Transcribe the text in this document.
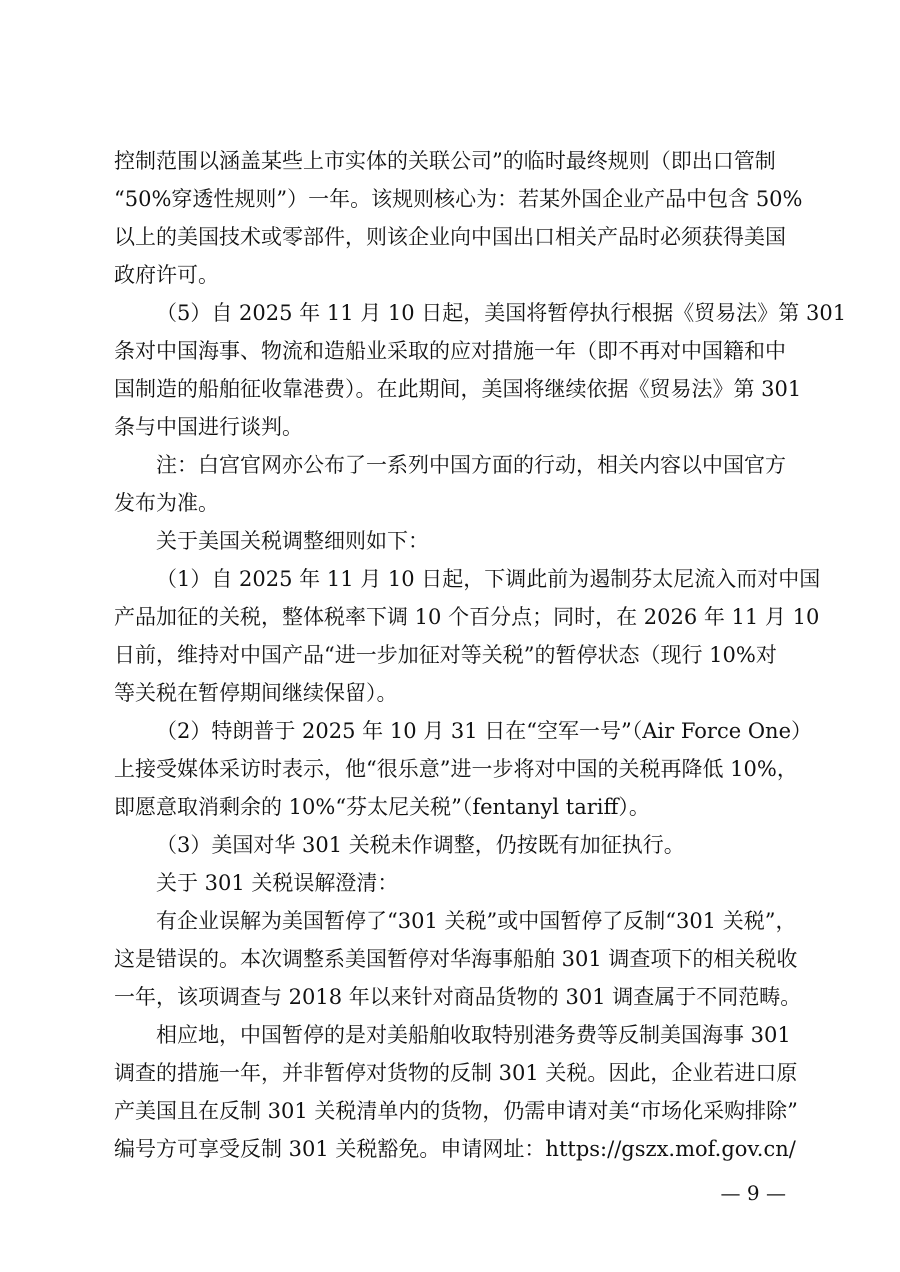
控制范围以涵盖某些上市实体的关联公司”的临时最终规则（即出口管制
“50%穿透性规则”）一年。该规则核心为：若某外国企业产品中包含 50%
以上的美国技术或零部件，则该企业向中国出口相关产品时必须获得美国
政府许可。
（5）自 2025 年 11 月 10 日起，美国将暂停执行根据《贸易法》第 301
条对中国海事、物流和造船业采取的应对措施一年（即不再对中国籍和中
国制造的船舶征收靠港费）。在此期间，美国将继续依据《贸易法》第 301
条与中国进行谈判。
注：白宫官网亦公布了一系列中国方面的行动，相关内容以中国官方
发布为准。
关于美国关税调整细则如下：
（1）自 2025 年 11 月 10 日起，下调此前为遏制芬太尼流入而对中国
产品加征的关税，整体税率下调 10 个百分点；同时，在 2026 年 11 月 10
日前，维持对中国产品“进一步加征对等关税”的暂停状态（现行 10%对
等关税在暂停期间继续保留）。
（2）特朗普于 2025 年 10 月 31 日在“空军一号”（Air Force One）
上接受媒体采访时表示，他“很乐意”进一步将对中国的关税再降低 10%，
即愿意取消剩余的 10%“芬太尼关税”（fentanyl tariff）。
（3）美国对华 301 关税未作调整，仍按既有加征执行。
关于 301 关税误解澄清：
有企业误解为美国暂停了“301 关税”或中国暂停了反制“301 关税”，
这是错误的。本次调整系美国暂停对华海事船舶 301 调查项下的相关税收
一年，该项调查与 2018 年以来针对商品货物的 301 调查属于不同范畴。
相应地，中国暂停的是对美船舶收取特别港务费等反制美国海事 301
调查的措施一年，并非暂停对货物的反制 301 关税。因此，企业若进口原
产美国且在反制 301 关税清单内的货物，仍需申请对美“市场化采购排除”
编号方可享受反制 301 关税豁免。申请网址：https://gszx.mof.gov.cn/
— 9 —
